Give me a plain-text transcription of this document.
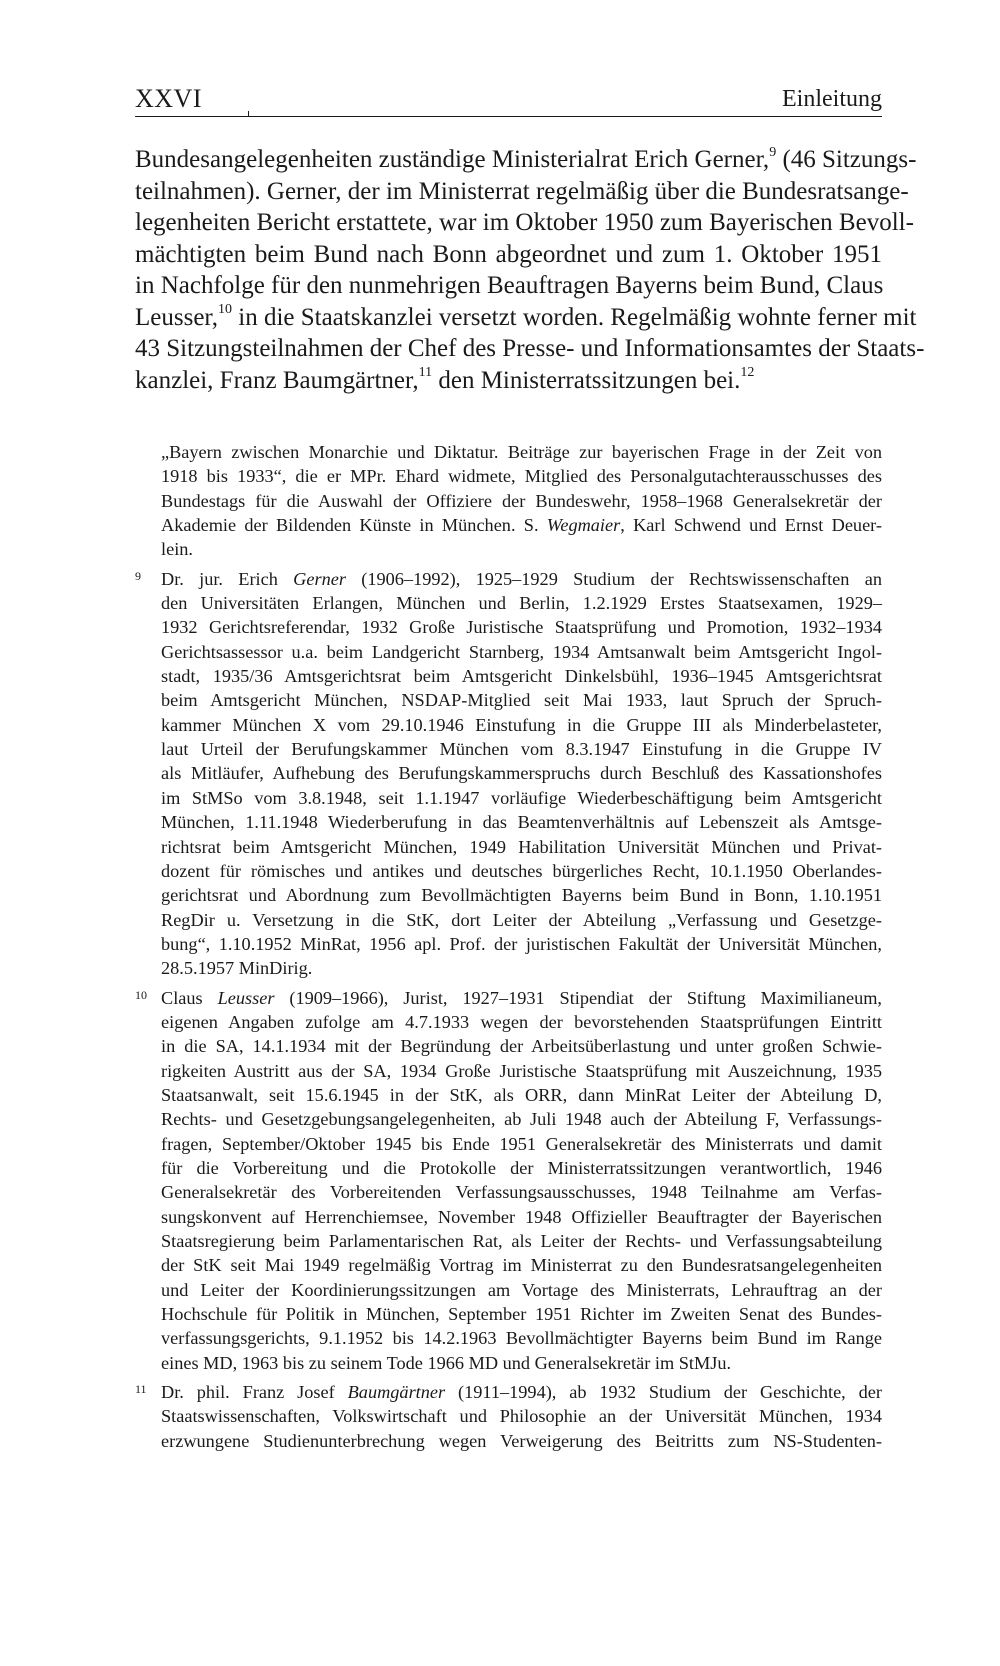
XXVI	Einleitung

Bundesangelegenheiten zuständige Ministerialrat Erich Gerner,$^9$ (46 Sitzungs-
teilnahmen). Gerner, der im Ministerrat regelmäßig über die Bundesratsange-
legenheiten Bericht erstattete, war im Oktober 1950 zum Bayerischen Bevoll-
mächtigten beim Bund nach Bonn abgeordnet und zum 1. Oktober 1951
in Nachfolge für den nunmehrigen Beauftragen Bayerns beim Bund, Claus
Leusser,$^{10}$ in die Staatskanzlei versetzt worden. Regelmäßig wohnte ferner mit
43 Sitzungsteilnahmen der Chef des Presse- und Informationsamtes der Staats-
kanzlei, Franz Baumgärtner,$^{11}$ den Ministerratssitzungen bei.$^{12}$

„Bayern zwischen Monarchie und Diktatur. Beiträge zur bayerischen Frage in der Zeit von
1918 bis 1933“, die er MPr. Ehard widmete, Mitglied des Personalgutachterausschusses des
Bundestags für die Auswahl der Offiziere der Bundeswehr, 1958–1968 Generalsekretär der
Akademie der Bildenden Künste in München. S. Wegmaier, Karl Schwend und Ernst Deuer-
lein.
9 Dr. jur. Erich Gerner (1906–1992), 1925–1929 Studium der Rechtswissenschaften an
den Universitäten Erlangen, München und Berlin, 1.2.1929 Erstes Staatsexamen, 1929–
1932 Gerichtsreferendar, 1932 Große Juristische Staatsprüfung und Promotion, 1932–1934
Gerichtsassessor u.a. beim Landgericht Starnberg, 1934 Amtsanwalt beim Amtsgericht Ingol-
stadt, 1935/36 Amtsgerichtsrat beim Amtsgericht Dinkelsbühl, 1936–1945 Amtsgerichtsrat
beim Amtsgericht München, NSDAP-Mitglied seit Mai 1933, laut Spruch der Spruch-
kammer München X vom 29.10.1946 Einstufung in die Gruppe III als Minderbelasteter,
laut Urteil der Berufungskammer München vom 8.3.1947 Einstufung in die Gruppe IV
als Mitläufer, Aufhebung des Berufungskammerspruchs durch Beschluß des Kassationshofes
im StMSo vom 3.8.1948, seit 1.1.1947 vorläufige Wiederbeschäftigung beim Amtsgericht
München, 1.11.1948 Wiederberufung in das Beamtenverhältnis auf Lebenszeit als Amtsge-
richtsrat beim Amtsgericht München, 1949 Habilitation Universität München und Privat-
dozent für römisches und antikes und deutsches bürgerliches Recht, 10.1.1950 Oberlandes-
gerichtsrat und Abordnung zum Bevollmächtigten Bayerns beim Bund in Bonn, 1.10.1951
RegDir u. Versetzung in die StK, dort Leiter der Abteilung „Verfassung und Gesetzge-
bung“, 1.10.1952 MinRat, 1956 apl. Prof. der juristischen Fakultät der Universität München,
28.5.1957 MinDirig.
10 Claus Leusser (1909–1966), Jurist, 1927–1931 Stipendiat der Stiftung Maximilianeum,
eigenen Angaben zufolge am 4.7.1933 wegen der bevorstehenden Staatsprüfungen Eintritt
in die SA, 14.1.1934 mit der Begründung der Arbeitsüberlastung und unter großen Schwie-
rigkeiten Austritt aus der SA, 1934 Große Juristische Staatsprüfung mit Auszeichnung, 1935
Staatsanwalt, seit 15.6.1945 in der StK, als ORR, dann MinRat Leiter der Abteilung D,
Rechts- und Gesetzgebungsangelegenheiten, ab Juli 1948 auch der Abteilung F, Verfassungs-
fragen, September/Oktober 1945 bis Ende 1951 Generalsekretär des Ministerrats und damit
für die Vorbereitung und die Protokolle der Ministerratssitzungen verantwortlich, 1946
Generalsekretär des Vorbereitenden Verfassungsausschusses, 1948 Teilnahme am Verfas-
sungskonvent auf Herrenchiemsee, November 1948 Offizieller Beauftragter der Bayerischen
Staatsregierung beim Parlamentarischen Rat, als Leiter der Rechts- und Verfassungsabteilung
der StK seit Mai 1949 regelmäßig Vortrag im Ministerrat zu den Bundesratsangelegenheiten
und Leiter der Koordinierungssitzungen am Vortage des Ministerrats, Lehrauftrag an der
Hochschule für Politik in München, September 1951 Richter im Zweiten Senat des Bundes-
verfassungsgerichts, 9.1.1952 bis 14.2.1963 Bevollmächtigter Bayerns beim Bund im Range
eines MD, 1963 bis zu seinem Tode 1966 MD und Generalsekretär im StMJu.
11 Dr. phil. Franz Josef Baumgärtner (1911–1994), ab 1932 Studium der Geschichte, der
Staatswissenschaften, Volkswirtschaft und Philosophie an der Universität München, 1934
erzwungene Studienunterbrechung wegen Verweigerung des Beitritts zum NS-Studenten-
